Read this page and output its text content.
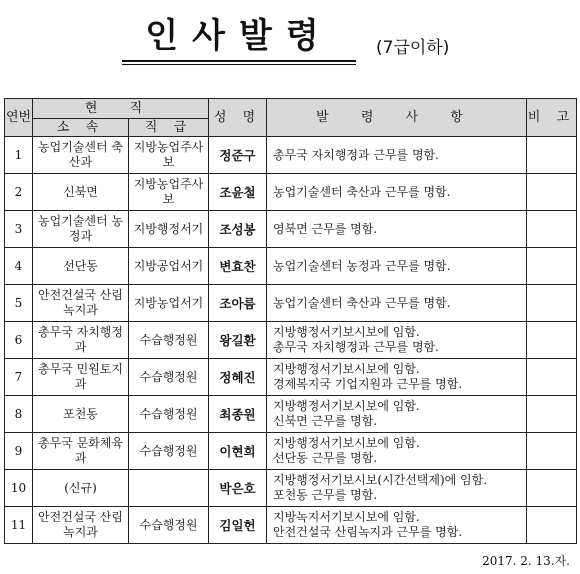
인사발령	(7급이하)
연번	현 직		성 명	발 령 사 항	비 고
	소 속	직 급			
1	농업기술센터 축산과	지방농업주사보	정준구	총무국 자치행정과 근무를 명함.	

2	신북면	지방농업주사보	조윤철	농업기술센터 축산과 근무를 명함.	

3	농업기술센터 농정과	지방행정서기	조성봉	영북면 근무를 명함.	

4	선단동	지방공업서기	변효찬	농업기술센터 농정과 근무를 명함.	

5	안전건설국 산림녹지과	지방농업서기	조아름	농업기술센터 축산과 근무를 명함.	

6	총무국 자치행정과	수습행정원	왕길환	지방행정서기보시보에 임함.
총무국 자치행정과 근무를 명함.	

7	총무국 민원토지과	수습행정원	정혜진	지방행정서기보시보에 임함.
경제복지국 기업지원과 근무를 명함.	

8	포천동	수습행정원	최종원	지방행정서기보시보에 임함.
신북면 근무를 명함.	

9	총무국 문화체육과	수습행정원	이현희	지방행정서기보시보에 임함.
선단동 근무를 명함.	

10	(신규)		박은호	지방행정서기보시보(시간선택제)에 임함.
포천동 근무를 명함.	

11	안전건설국 산림녹지과	수습행정원	김일헌	지방녹지서기보시보에 임함.
안전건설국 산림녹지과 근무를 명함.	

2017. 2. 13.자.
